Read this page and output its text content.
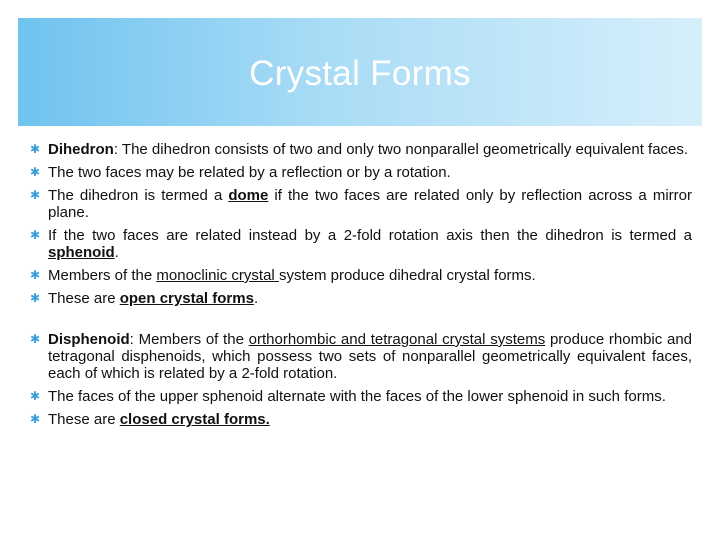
Crystal Forms
✱ Dihedron: The dihedron consists of two and only two nonparallel geometrically equivalent faces.
✱ The two faces may be related by a reflection or by a rotation.
✱ The dihedron is termed a dome if the two faces are related only by reflection across a mirror plane.
✱ If the two faces are related instead by a 2-fold rotation axis then the dihedron is termed a sphenoid.
✱ Members of the monoclinic crystal system produce dihedral crystal forms.
✱ These are open crystal forms.
✱ Disphenoid: Members of the orthorhombic and tetragonal crystal systems produce rhombic and tetragonal disphenoids, which possess two sets of nonparallel geometrically equivalent faces, each of which is related by a 2-fold rotation.
✱ The faces of the upper sphenoid alternate with the faces of the lower sphenoid in such forms.
✱ These are closed crystal forms.
